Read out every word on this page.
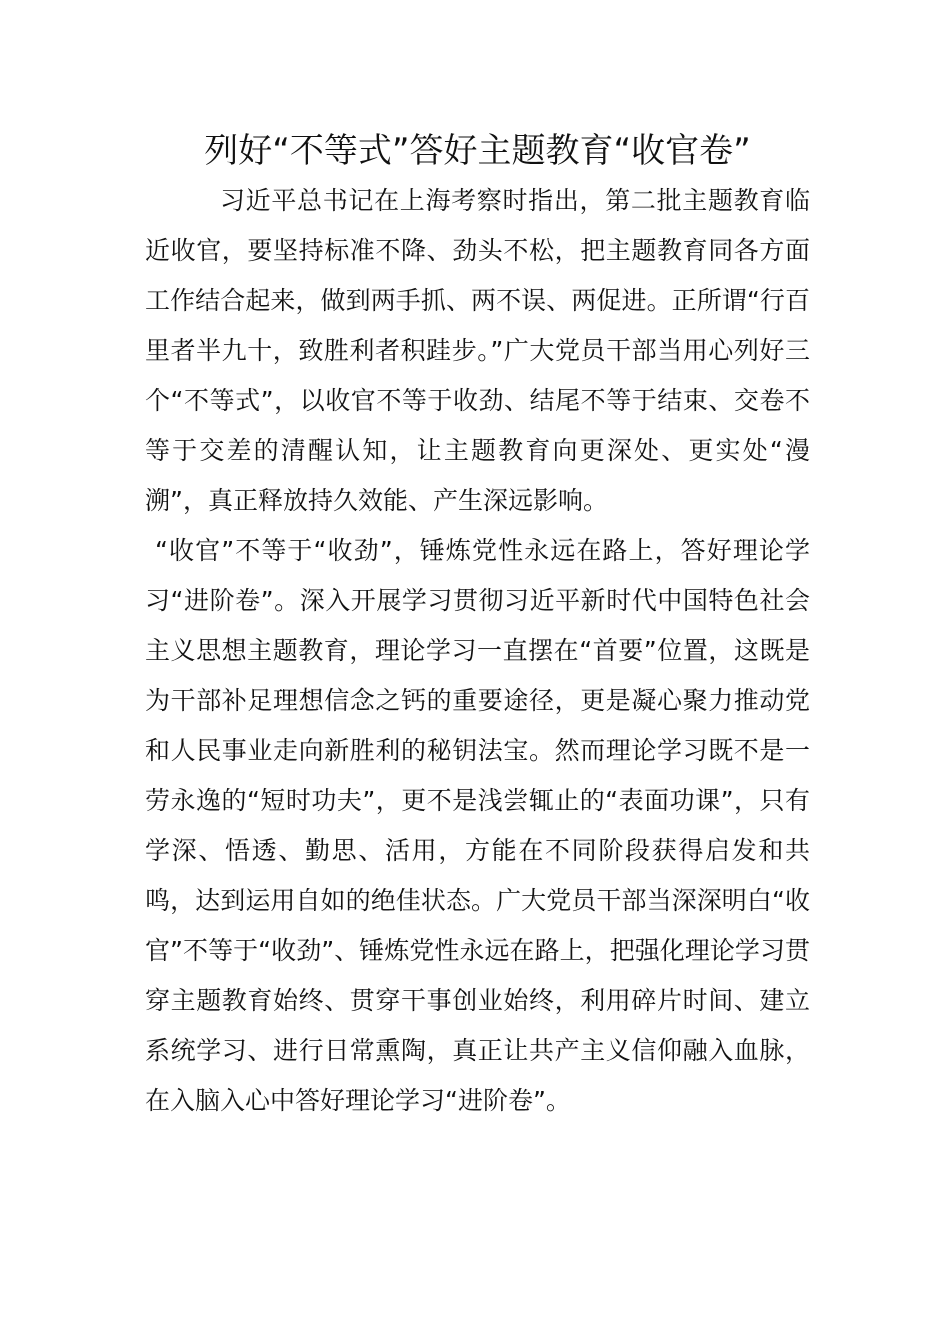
列好“不等式”答好主题教育“收官卷”

习近平总书记在上海考察时指出，第二批主题教育临近收官，要坚持标准不降、劲头不松，把主题教育同各方面工作结合起来，做到两手抓、两不误、两促进。正所谓“行百里者半九十，致胜利者积跬步。”广大党员干部当用心列好三个“不等式”，以收官不等于收劲、结尾不等于结束、交卷不等于交差的清醒认知，让主题教育向更深处、更实处“漫溯”，真正释放持久效能、产生深远影响。

“收官”不等于“收劲”，锤炼党性永远在路上，答好理论学习“进阶卷”。深入开展学习贯彻习近平新时代中国特色社会主义思想主题教育，理论学习一直摆在“首要”位置，这既是为干部补足理想信念之钙的重要途径，更是凝心聚力推动党和人民事业走向新胜利的秘钥法宝。然而理论学习既不是一劳永逸的“短时功夫”，更不是浅尝辄止的“表面功课”，只有学深、悟透、勤思、活用，方能在不同阶段获得启发和共鸣，达到运用自如的绝佳状态。广大党员干部当深深明白“收官”不等于“收劲”、锤炼党性永远在路上，把强化理论学习贯穿主题教育始终、贯穿干事创业始终，利用碎片时间、建立系统学习、进行日常熏陶，真正让共产主义信仰融入血脉，在入脑入心中答好理论学习“进阶卷”。
